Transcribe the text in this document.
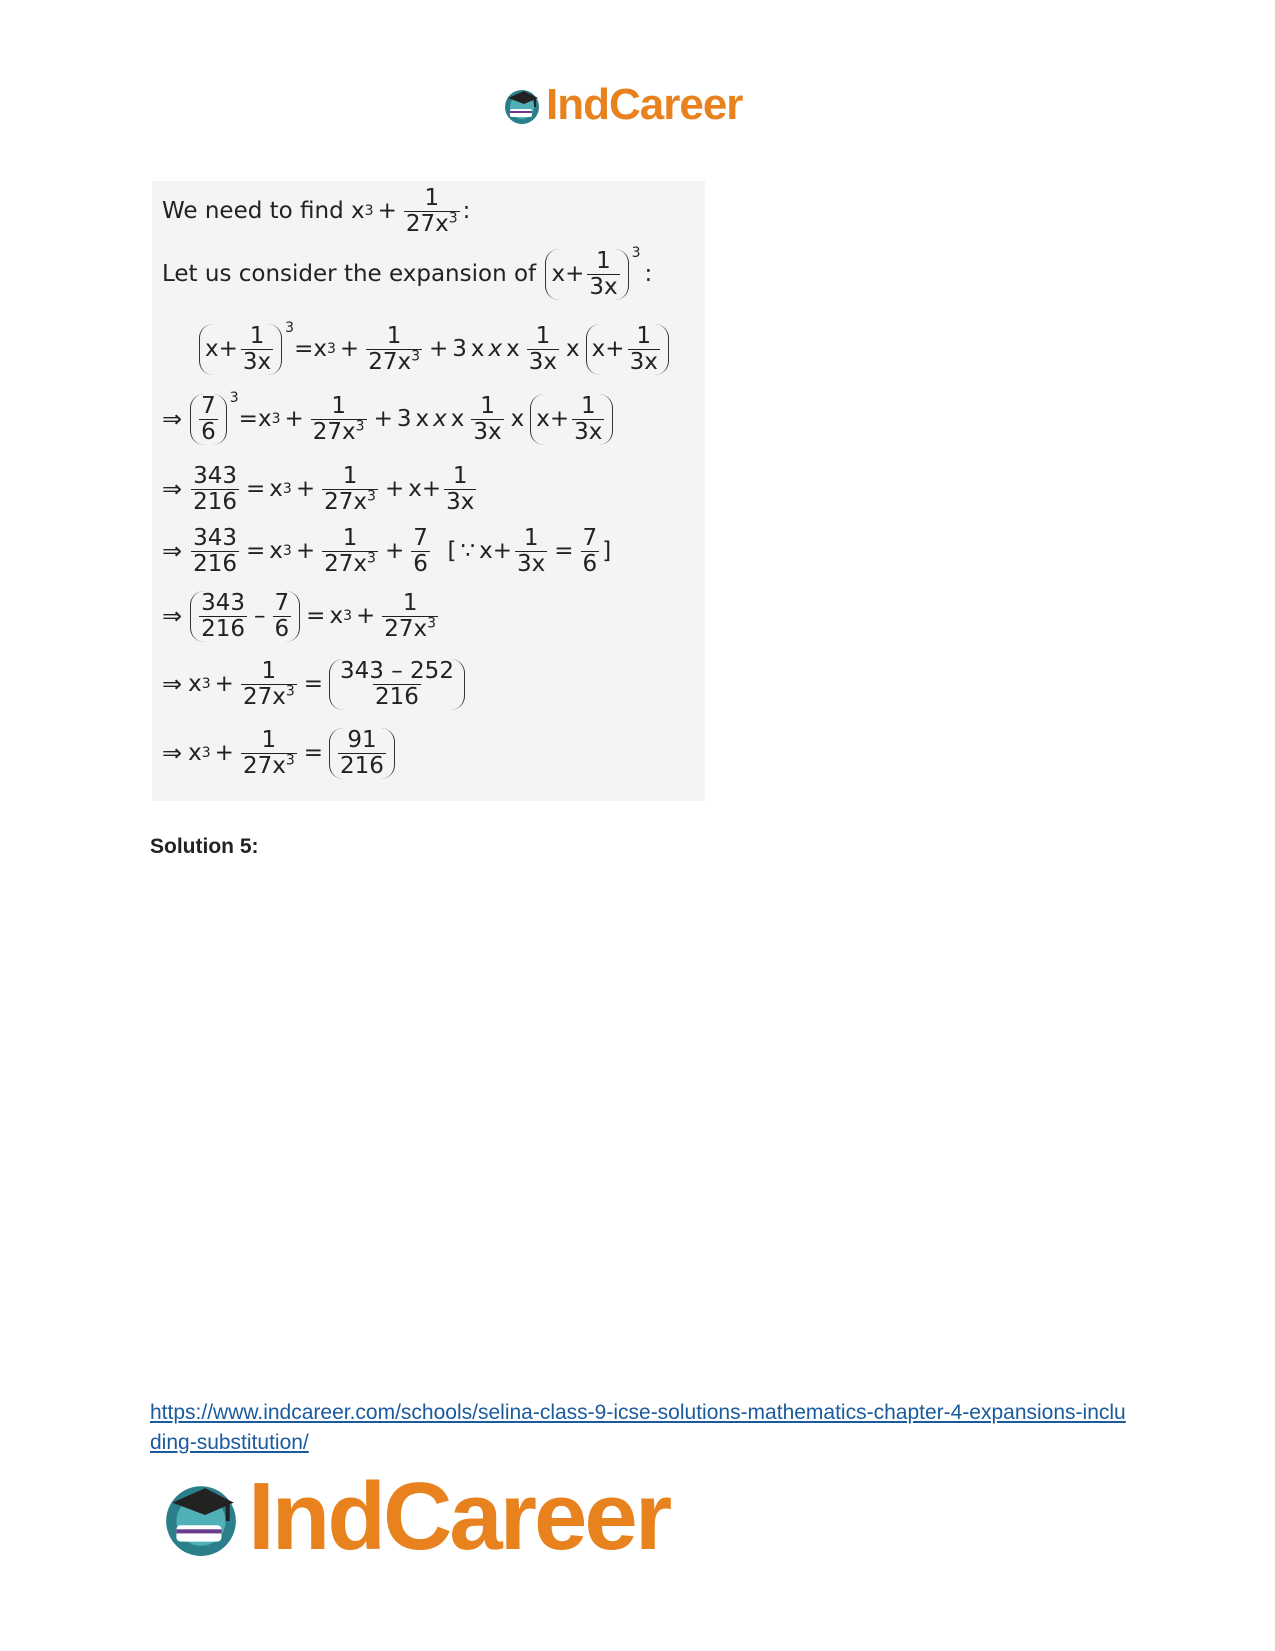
IndCareer
We need to find
x $3 + \frac{1}{27x^3}$ :
Let us consider the expansion of
$x + \frac{1}{3x} 3$
:
$x + \frac{1}{3x} 3$
= x $3 + \frac{1}{27x^3} + 3$ x x x $\frac{1}{3x}$ x $x + \frac{1}{3x}$
⇒ $\frac{7}{6} 3$
= x $3 + \frac{1}{27x^3} + 3$ x x x $\frac{1}{3x}$ x $x + \frac{1}{3x}$
⇒ $\frac{343}{216} = x$ $3 + \frac{1}{27x^3} + x + \frac{1}{3x}$
⇒ $\frac{343}{216} = x$ $3 + \frac{1}{27x^3} + \frac{7}{6}$
[ ∵ $x + \frac{1}{3x} = \frac{7}{6}$ ]
⇒ $\frac{343}{216} - \frac{7}{6} = x$ $3 + \frac{1}{27x^3}$
⇒ x $3 + \frac{1}{27x^3} = \frac{343 - 252}{216}$
⇒ x $3 + \frac{1}{27x^3} = \frac{91}{216}$
Solution 5:
https://www.indcareer.com/schools/selina-class-9-icse-solutions-mathematics-chapter-4-expansions-including-substitution/
IndCareer
